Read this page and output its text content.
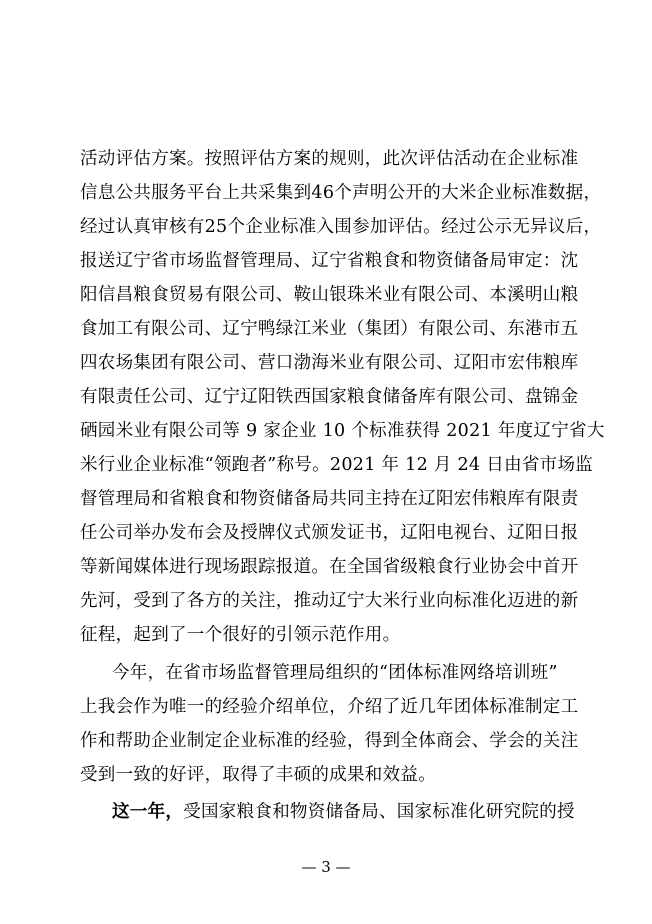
活动评估方案。按照评估方案的规则，此次评估活动在企业标准
信息公共服务平台上共采集到46个声明公开的大米企业标准数据，
经过认真审核有25个企业标准入围参加评估。经过公示无异议后，
报送辽宁省市场监督管理局、辽宁省粮食和物资储备局审定：沈
阳信昌粮食贸易有限公司、鞍山银珠米业有限公司、本溪明山粮
食加工有限公司、辽宁鸭绿江米业（集团）有限公司、东港市五
四农场集团有限公司、营口渤海米业有限公司、辽阳市宏伟粮库
有限责任公司、辽宁辽阳铁西国家粮食储备库有限公司、盘锦金
硒园米业有限公司等 9 家企业 10 个标准获得 2021 年度辽宁省大
米行业企业标准“领跑者”称号。2021 年 12 月 24 日由省市场监
督管理局和省粮食和物资储备局共同主持在辽阳宏伟粮库有限责
任公司举办发布会及授牌仪式颁发证书，辽阳电视台、辽阳日报
等新闻媒体进行现场跟踪报道。在全国省级粮食行业协会中首开
先河，受到了各方的关注，推动辽宁大米行业向标准化迈进的新
征程，起到了一个很好的引领示范作用。
今年，在省市场监督管理局组织的“团体标准网络培训班”
上我会作为唯一的经验介绍单位，介绍了近几年团体标准制定工
作和帮助企业制定企业标准的经验，得到全体商会、学会的关注
受到一致的好评，取得了丰硕的成果和效益。
这一年，受国家粮食和物资储备局、国家标准化研究院的授
— 3 —
